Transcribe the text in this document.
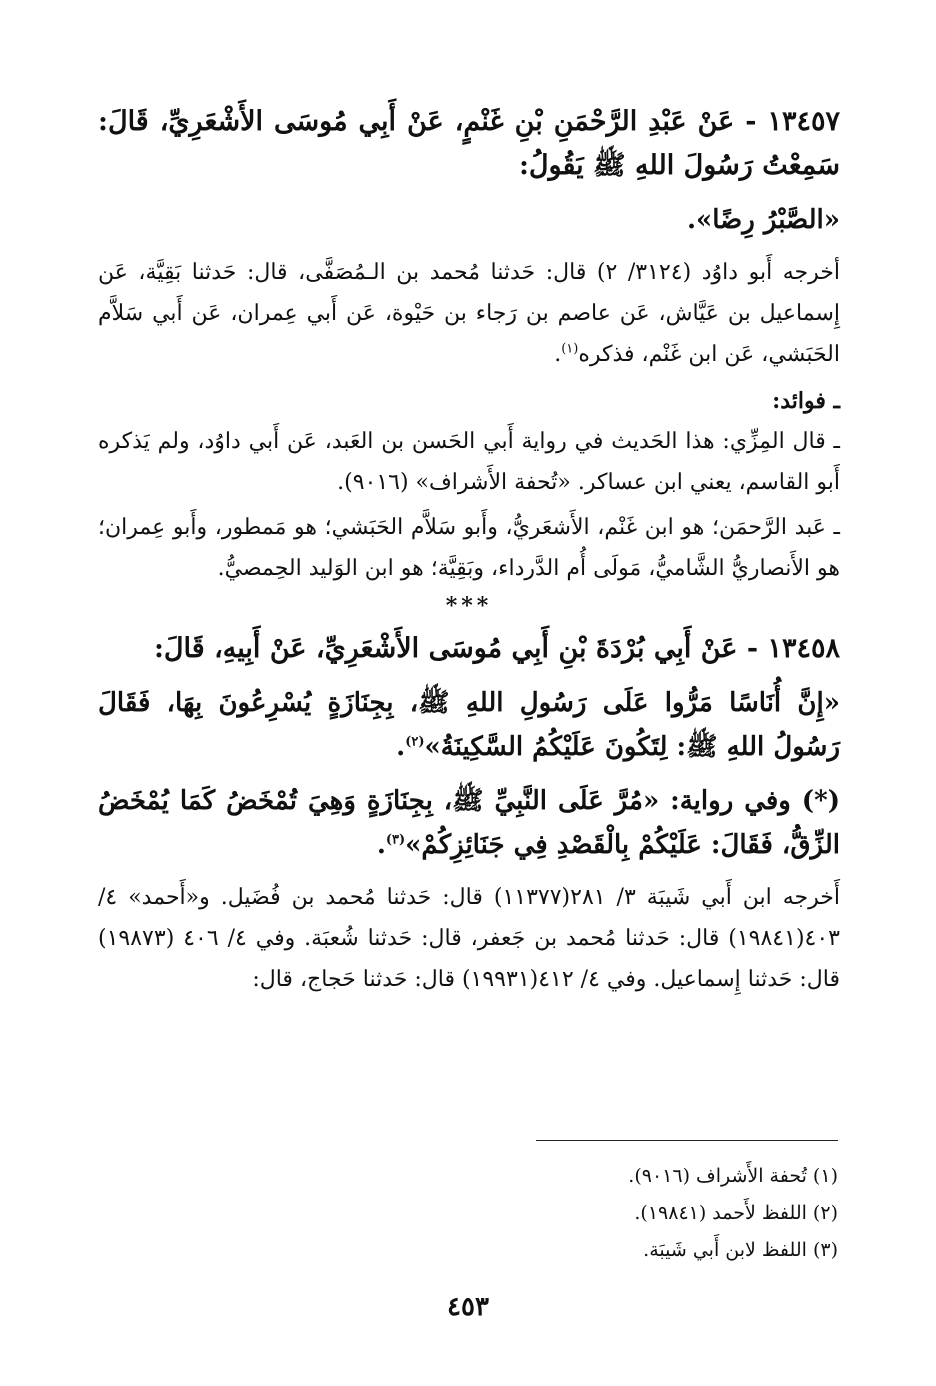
١٣٤٥٧ - عَنْ عَبْدِ الرَّحْمَنِ بْنِ غَنْمٍ، عَنْ أَبِي مُوسَى الأَشْعَرِيِّ، قَالَ: سَمِعْتُ رَسُولَ اللهِ ﷺ يَقُولُ:

«الصَّبْرُ رِضًا».

أخرجه أَبو داوُد (٣١٢٤/ ٢) قال: حَدثنا مُحمد بن الـمُصَفَّى، قال: حَدثنا بَقِيَّة، عَن إِسماعيل بن عَيَّاش، عَن عاصم بن رَجاء بن حَيْوة، عَن أَبي عِمران، عَن أَبي سَلاَّم الحَبَشي، عَن ابن غَنْم، فذكره$^{(١)}$.

ـ فوائد:

ـ قال المِزِّي: هذا الحَديث في رواية أَبي الحَسن بن العَبد، عَن أَبي داوُد، ولم يَذكره أَبو القاسم، يعني ابن عساكر. «تُحفة الأَشراف» (٩٠١٦).

ـ عَبد الرَّحمَن؛ هو ابن غَنْم، الأَشعَريُّ، وأَبو سَلاَّم الحَبَشي؛ هو مَمطور، وأَبو عِمران؛ هو الأَنصاريُّ الشَّاميُّ، مَولَى أُم الدَّرداء، وبَقِيَّة؛ هو ابن الوَليد الحِمصيُّ.

***

١٣٤٥٨ - عَنْ أَبِي بُرْدَةَ بْنِ أَبِي مُوسَى الأَشْعَرِيِّ، عَنْ أَبِيهِ، قَالَ:

«إِنَّ أُنَاسًا مَرُّوا عَلَى رَسُولِ اللهِ ﷺ، بِجِنَازَةٍ يُسْرِعُونَ بِهَا، فَقَالَ رَسُولُ اللهِ ﷺ: لِتَكُونَ عَلَيْكُمُ السَّكِينَةُ»$^{(٢)}$.

(*) وفي رواية: «مُرَّ عَلَى النَّبِيِّ ﷺ، بِجِنَازَةٍ وَهِيَ تُمْخَضُ كَمَا يُمْخَضُ الزِّقُّ، فَقَالَ: عَلَيْكُمْ بِالْقَصْدِ فِي جَنَائِزِكُمْ»$^{(٣)}$.

أَخرجه ابن أَبي شَيبَة ٣/ ٢٨١(١١٣٧٧) قال: حَدثنا مُحمد بن فُضَيل. و«أَحمد» ٤/ ٤٠٣(١٩٨٤١) قال: حَدثنا مُحمد بن جَعفر، قال: حَدثنا شُعبَة. وفي ٤/ ٤٠٦ (١٩٨٧٣) قال: حَدثنا إِسماعيل. وفي ٤/ ٤١٢(١٩٩٣١) قال: حَدثنا حَجاج، قال:

(١) تُحفة الأَشراف (٩٠١٦).

(٢) اللفظ لأَحمد (١٩٨٤١).

(٣) اللفظ لابن أَبي شَيبَة.

٤٥٣
